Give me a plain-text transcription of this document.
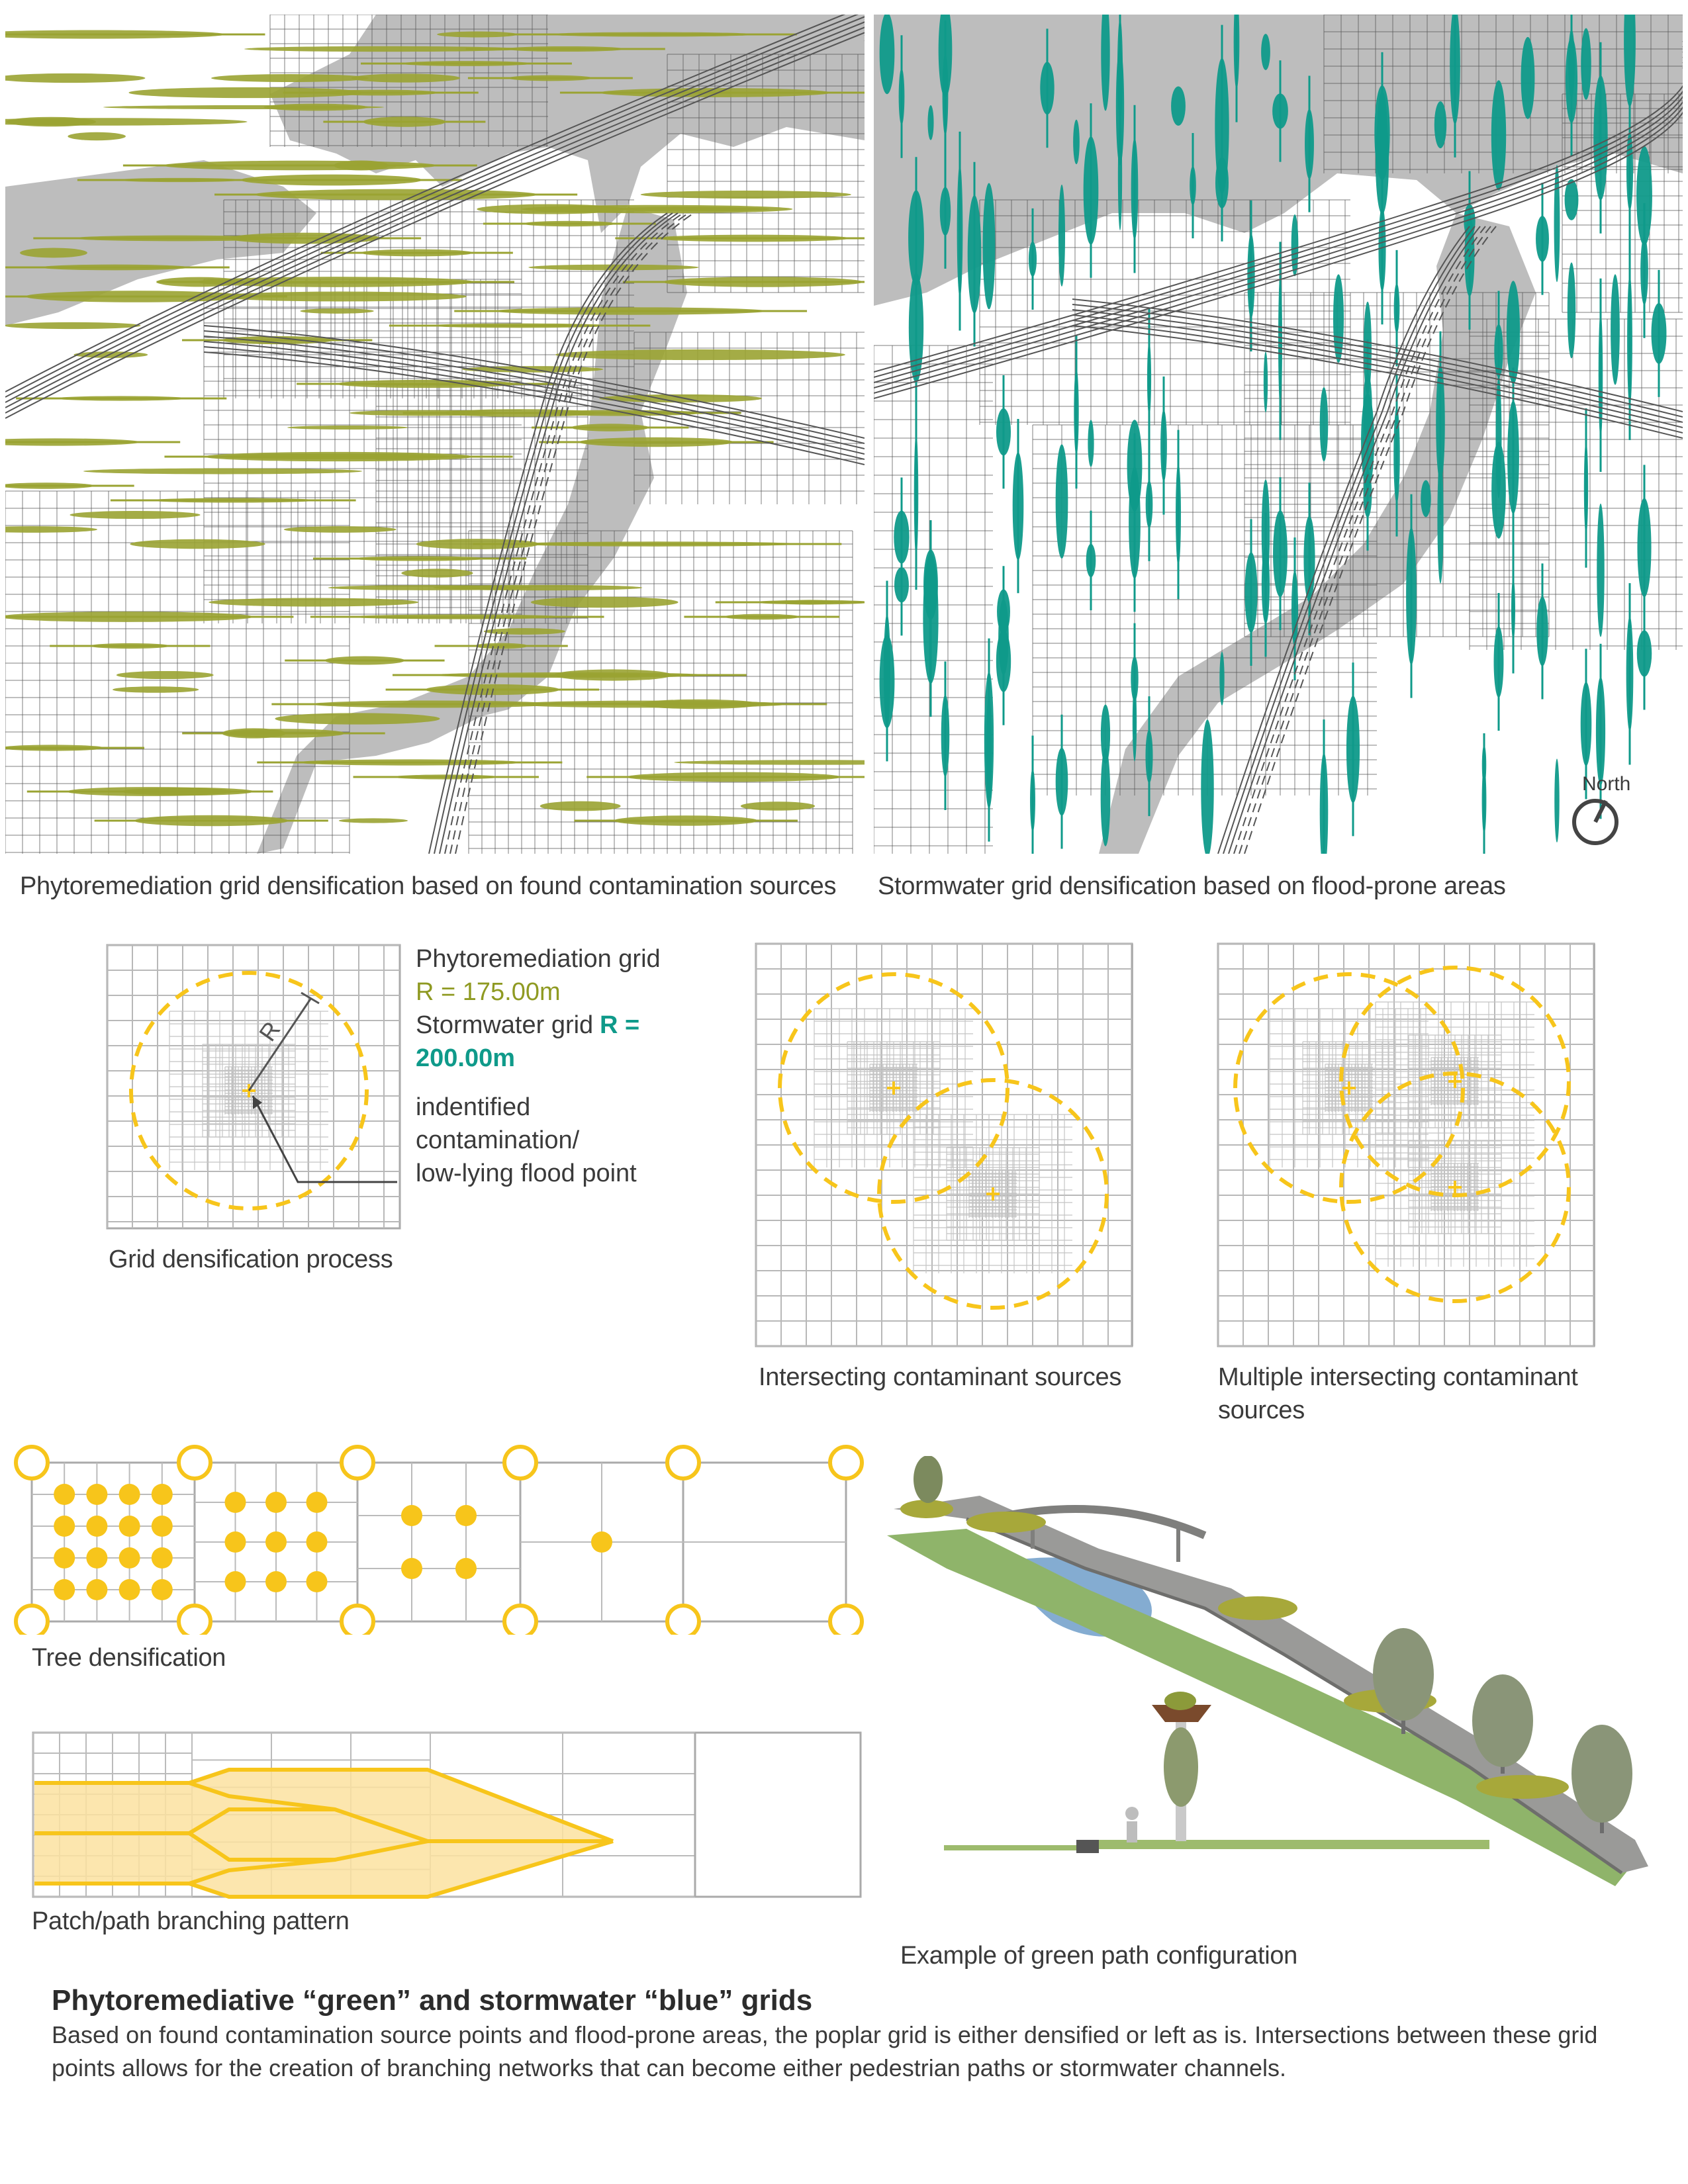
North
Phytoremediation grid densification based on found contamination sources Stormwater grid densification based on flood-prone areas
R
Phytoremediation grid
R = 175.00m
Stormwater grid R =
200.00m
indentified
contamination/
low-lying flood point
Grid densification process
Intersecting contaminant sources	Multiple intersecting contaminant
sources
Tree densification
Patch/path branching pattern
Example of green path configuration
Phytoremediative “green” and stormwater “blue” grids
Based on found contamination source points and flood-prone areas, the poplar grid is either densified or left as is. Intersections between these grid points allows for the creation of branching networks that can become either pedestrian paths or stormwater channels.
